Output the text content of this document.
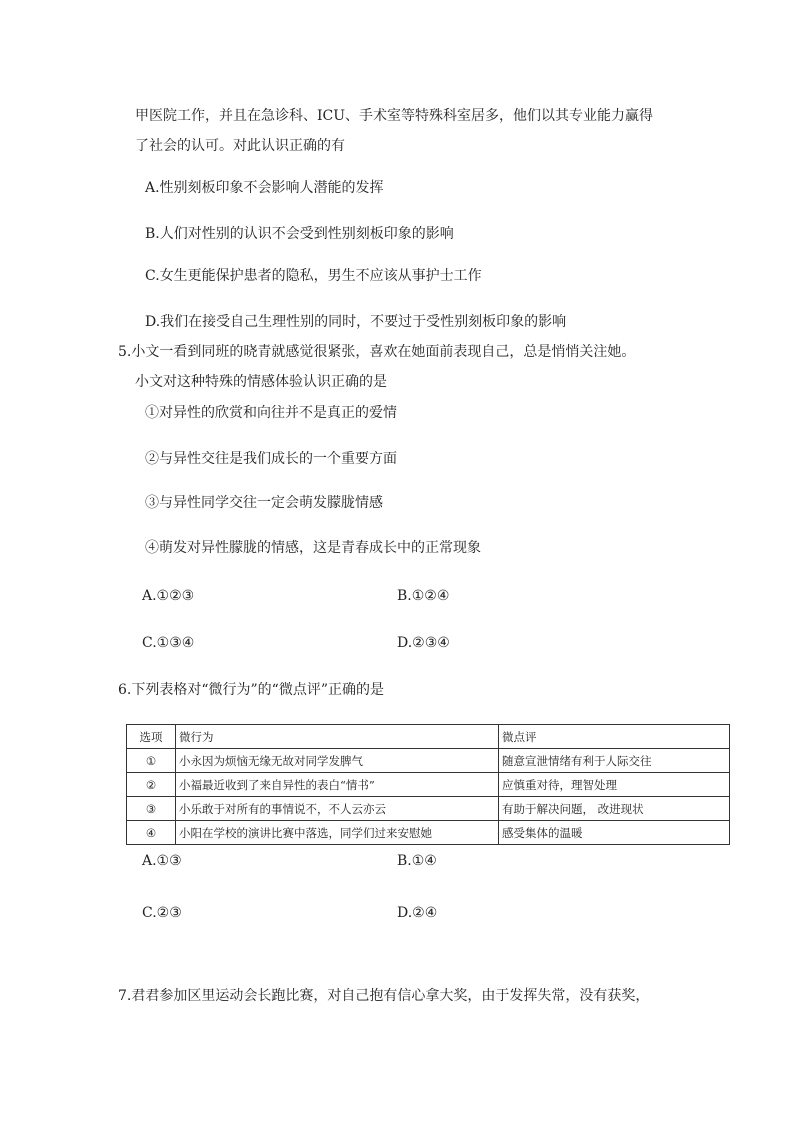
甲医院工作，并且在急诊科、ICU、手术室等特殊科室居多，他们以其专业能力赢得
了社会的认可。对此认识正确的有
A.性别刻板印象不会影响人潜能的发挥
B.人们对性别的认识不会受到性别刻板印象的影响
C.女生更能保护患者的隐私，男生不应该从事护士工作
D.我们在接受自己生理性别的同时，不要过于受性别刻板印象的影响
5.小文一看到同班的晓青就感觉很紧张，喜欢在她面前表现自己，总是悄悄关注她。
小文对这种特殊的情感体验认识正确的是
①对异性的欣赏和向往并不是真正的爱情
②与异性交往是我们成长的一个重要方面
③与异性同学交往一定会萌发朦胧情感
④萌发对异性朦胧的情感，这是青春成长中的正常现象
A.①②③	B.①②④
C.①③④	D.②③④
6.下列表格对“微行为”的“微点评”正确的是
选项	微行为	微点评
①	小永因为烦恼无缘无故对同学发脾气	随意宣泄情绪有利于人际交往
②	小福最近收到了来自异性的表白“情书”	应慎重对待，理智处理
③	小乐敢于对所有的事情说不，不人云亦云	有助于解决问题， 改进现状
④	小阳在学校的演讲比赛中落选，同学们过来安慰她	感受集体的温暖
A.①③	B.①④
C.②③	D.②④
7.君君参加区里运动会长跑比赛，对自己抱有信心拿大奖，由于发挥失常，没有获奖，
